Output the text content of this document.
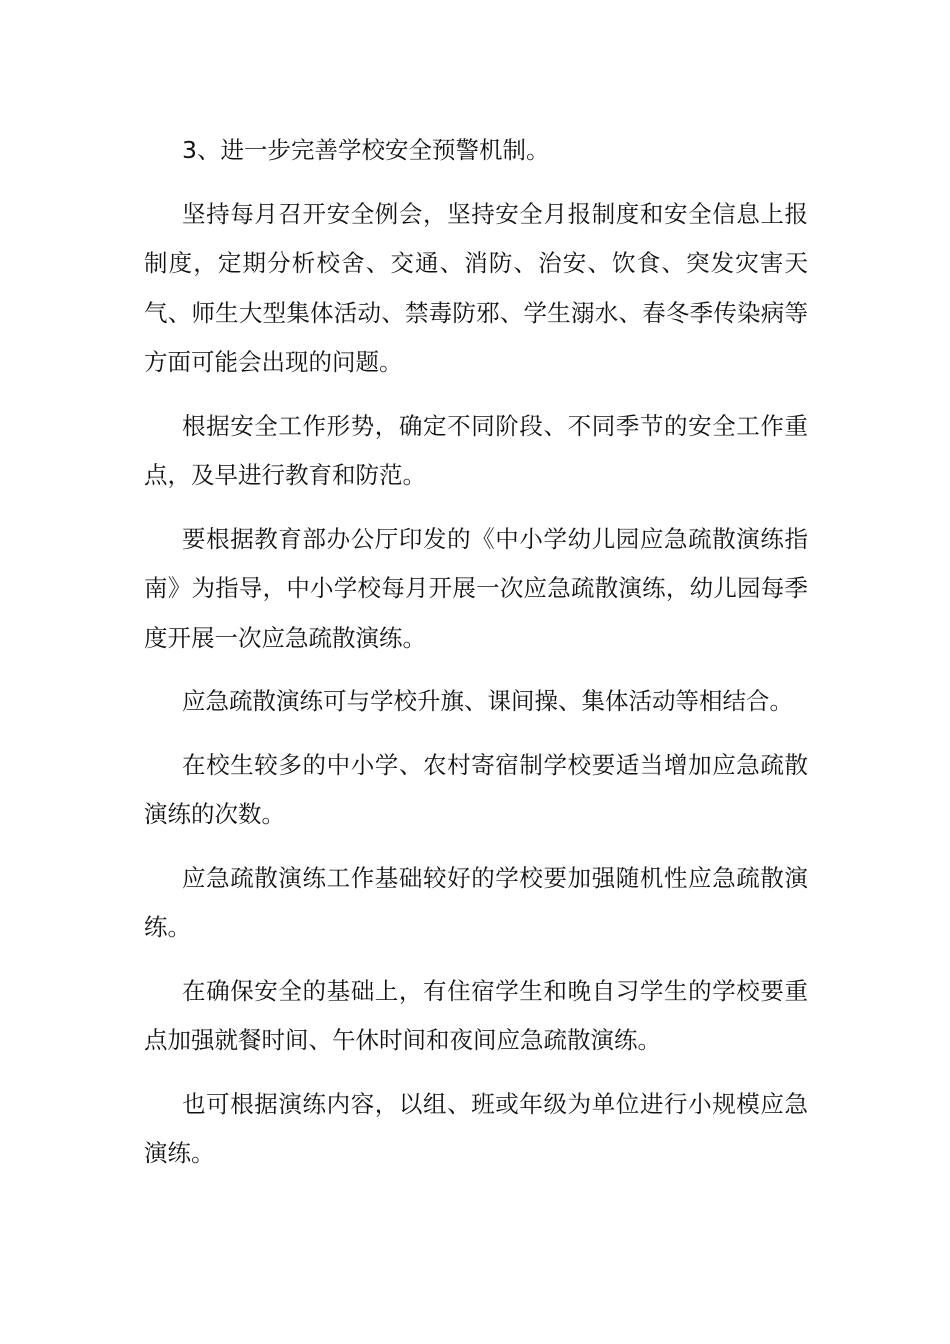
3、进一步完善学校安全预警机制。

坚持每月召开安全例会，坚持安全月报制度和安全信息上报制度，定期分析校舍、交通、消防、治安、饮食、突发灾害天气、师生大型集体活动、禁毒防邪、学生溺水、春冬季传染病等方面可能会出现的问题。

根据安全工作形势，确定不同阶段、不同季节的安全工作重点，及早进行教育和防范。

要根据教育部办公厅印发的《中小学幼儿园应急疏散演练指南》为指导，中小学校每月开展一次应急疏散演练，幼儿园每季度开展一次应急疏散演练。

应急疏散演练可与学校升旗、课间操、集体活动等相结合。

在校生较多的中小学、农村寄宿制学校要适当增加应急疏散演练的次数。

应急疏散演练工作基础较好的学校要加强随机性应急疏散演练。

在确保安全的基础上，有住宿学生和晚自习学生的学校要重点加强就餐时间、午休时间和夜间应急疏散演练。

也可根据演练内容，以组、班或年级为单位进行小规模应急演练。
